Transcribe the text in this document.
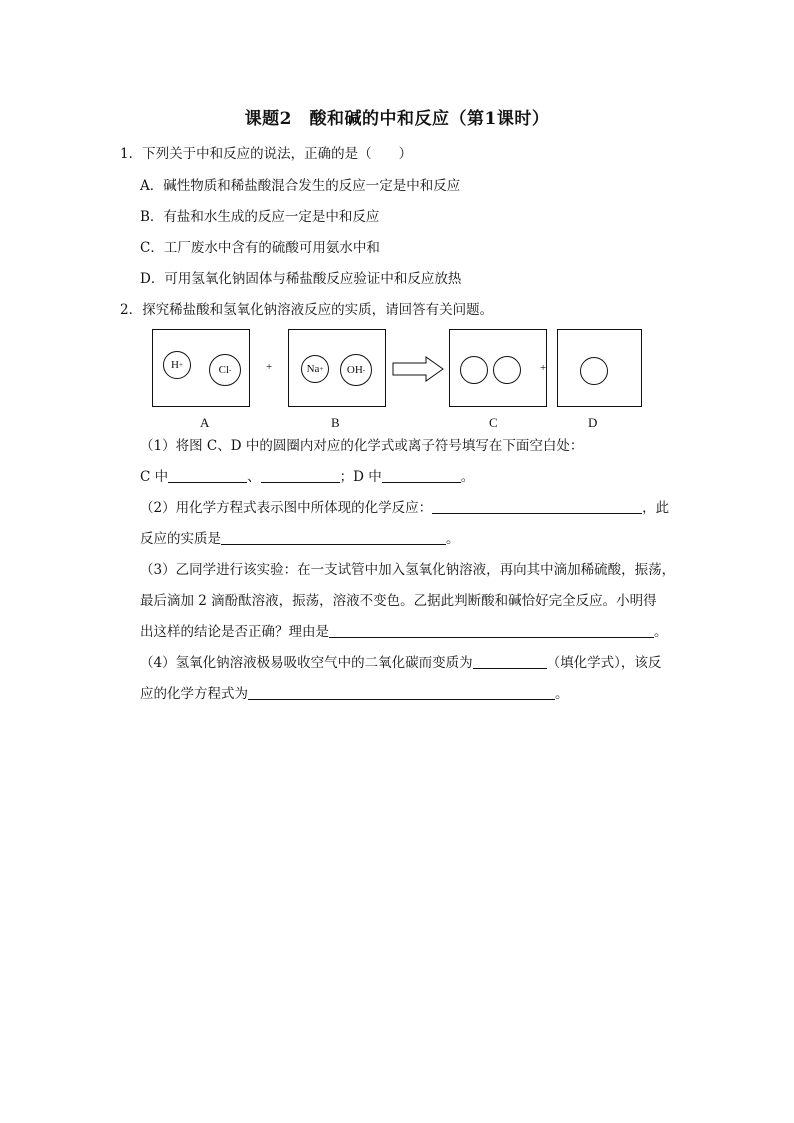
课题2　酸和碱的中和反应（第1课时）
1．下列关于中和反应的说法，正确的是（　　）
A．碱性物质和稀盐酸混合发生的反应一定是中和反应
B．有盐和水生成的反应一定是中和反应
C．工厂废水中含有的硫酸可用氨水中和
D．可用氢氧化钠固体与稀盐酸反应验证中和反应放热
2．探究稀盐酸和氢氧化钠溶液反应的实质，请回答有关问题。
H +	Cl -	+	Na + OH -	+
A	B	C	D
（1）将图 C、D 中的圆圈内对应的化学式或离子符号填写在下面空白处：
C 中	、	；D 中	。
（2）用化学方程式表示图中所体现的化学反应：	，此
反应的实质是	。
（3）乙同学进行该实验：在一支试管中加入氢氧化钠溶液，再向其中滴加稀硫酸，振荡，
最后滴加 2 滴酚酞溶液，振荡，溶液不变色。乙据此判断酸和碱恰好完全反应。小明得
出这样的结论是否正确？理由是	。
（4）氢氧化钠溶液极易吸收空气中的二氧化碳而变质为	（填化学式），该反
应的化学方程式为	。
